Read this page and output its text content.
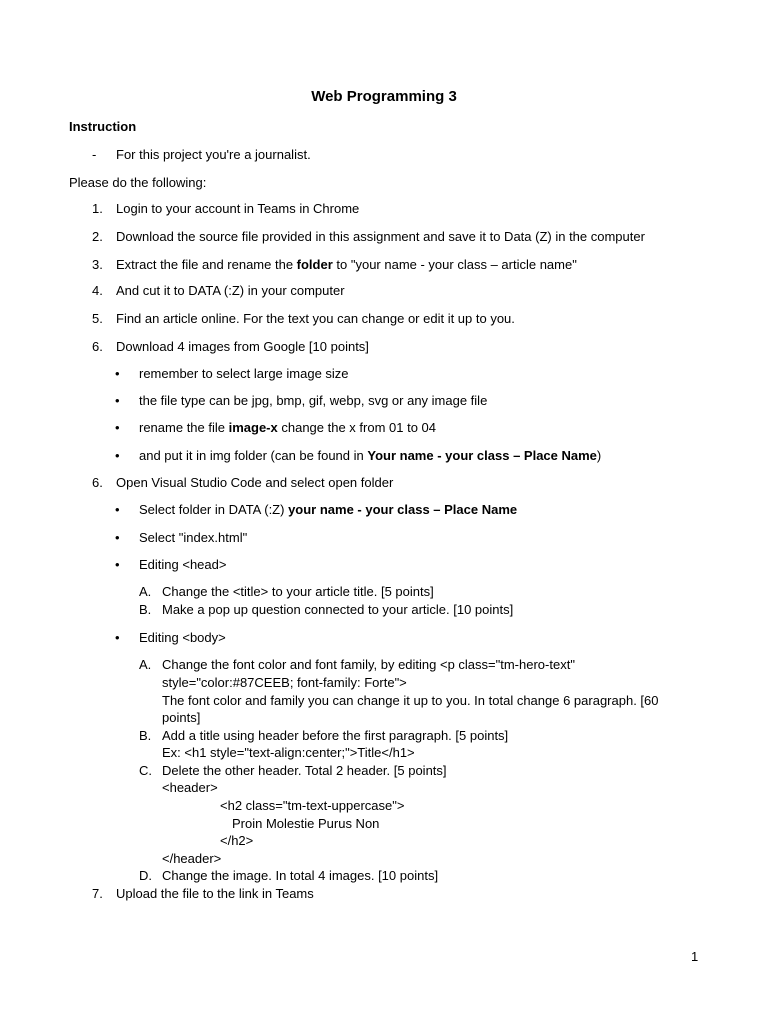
Web Programming 3
Instruction
- For this project you're a journalist.
Please do the following:
1. Login to your account in Teams in Chrome
2. Download the source file provided in this assignment and save it to Data (Z) in the computer
3. Extract the file and rename the folder to "your name - your class – article name"
4. And cut it to DATA (:Z) in your computer
5. Find an article online. For the text you can change or edit it up to you.
6. Download 4 images from Google [10 points]
• remember to select large image size
• the file type can be jpg, bmp, gif, webp, svg or any image file
• rename the file image-x change the x from 01 to 04
• and put it in img folder (can be found in Your name - your class – Place Name)
6. Open Visual Studio Code and select open folder
• Select folder in DATA (:Z) your name - your class – Place Name
• Select "index.html"
• Editing <head>
A. Change the <title> to your article title. [5 points]
B. Make a pop up question connected to your article. [10 points]
• Editing <body>
A. Change the font color and font family, by editing <p class="tm-hero-text"
style="color:#87CEEB; font-family: Forte">
The font color and family you can change it up to you. In total change 6 paragraph. [60
points]
B. Add a title using header before the first paragraph. [5 points]
Ex: <h1 style="text-align:center;">Title</h1>
C. Delete the other header. Total 2 header. [5 points]
<header>
<h2 class="tm-text-uppercase">
Proin Molestie Purus Non
</h2>
</header>
D. Change the image. In total 4 images. [10 points]
7. Upload the file to the link in Teams
1
